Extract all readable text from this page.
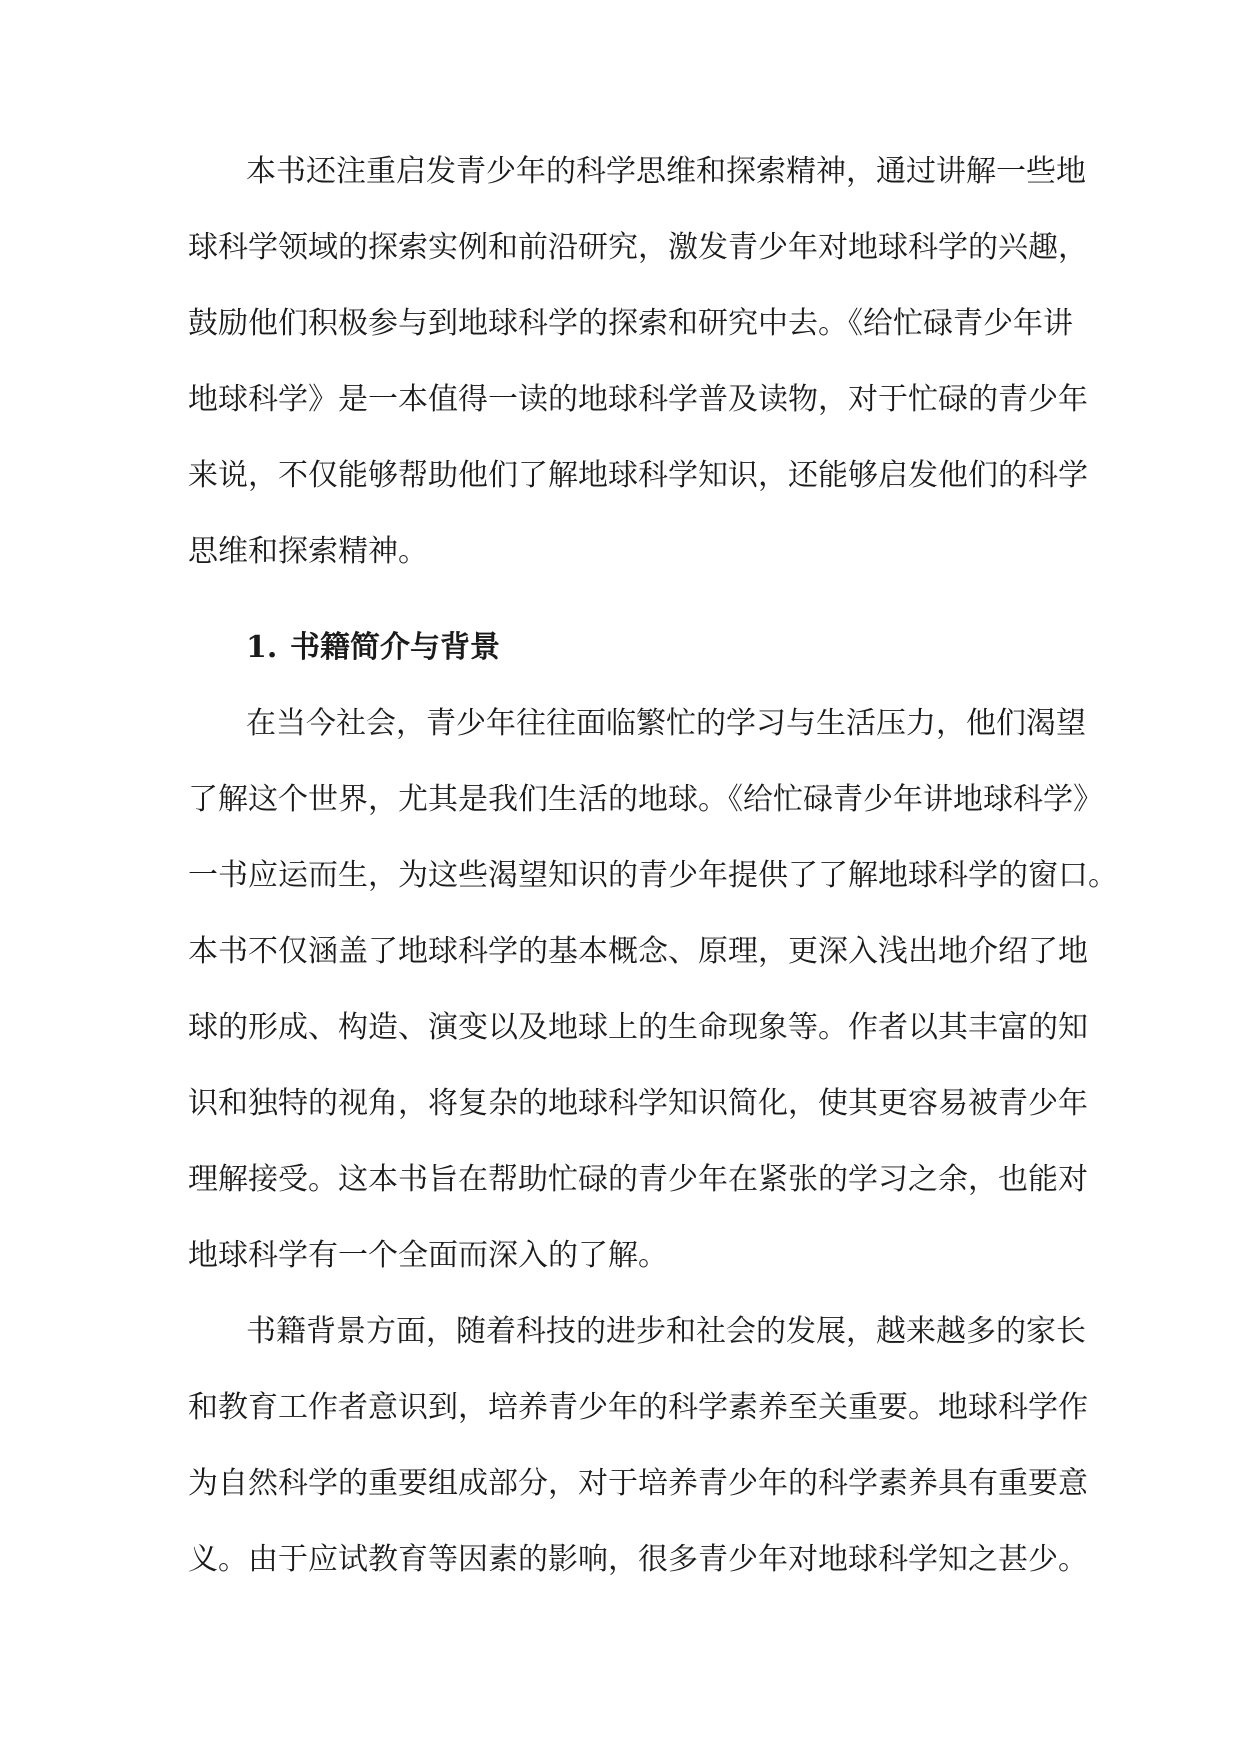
本书还注重启发青少年的科学思维和探索精神，通过讲解一些地
球科学领域的探索实例和前沿研究，激发青少年对地球科学的兴趣，
鼓励他们积极参与到地球科学的探索和研究中去。《给忙碌青少年讲
地球科学》是一本值得一读的地球科学普及读物，对于忙碌的青少年
来说，不仅能够帮助他们了解地球科学知识，还能够启发他们的科学
思维和探索精神。
1. 书籍简介与背景
在当今社会，青少年往往面临繁忙的学习与生活压力，他们渴望
了解这个世界，尤其是我们生活的地球。《给忙碌青少年讲地球科学》
一书应运而生，为这些渴望知识的青少年提供了了解地球科学的窗口。
本书不仅涵盖了地球科学的基本概念、原理，更深入浅出地介绍了地
球的形成、构造、演变以及地球上的生命现象等。作者以其丰富的知
识和独特的视角，将复杂的地球科学知识简化，使其更容易被青少年
理解接受。这本书旨在帮助忙碌的青少年在紧张的学习之余，也能对
地球科学有一个全面而深入的了解。
书籍背景方面，随着科技的进步和社会的发展，越来越多的家长
和教育工作者意识到，培养青少年的科学素养至关重要。地球科学作
为自然科学的重要组成部分，对于培养青少年的科学素养具有重要意
义。由于应试教育等因素的影响，很多青少年对地球科学知之甚少。
